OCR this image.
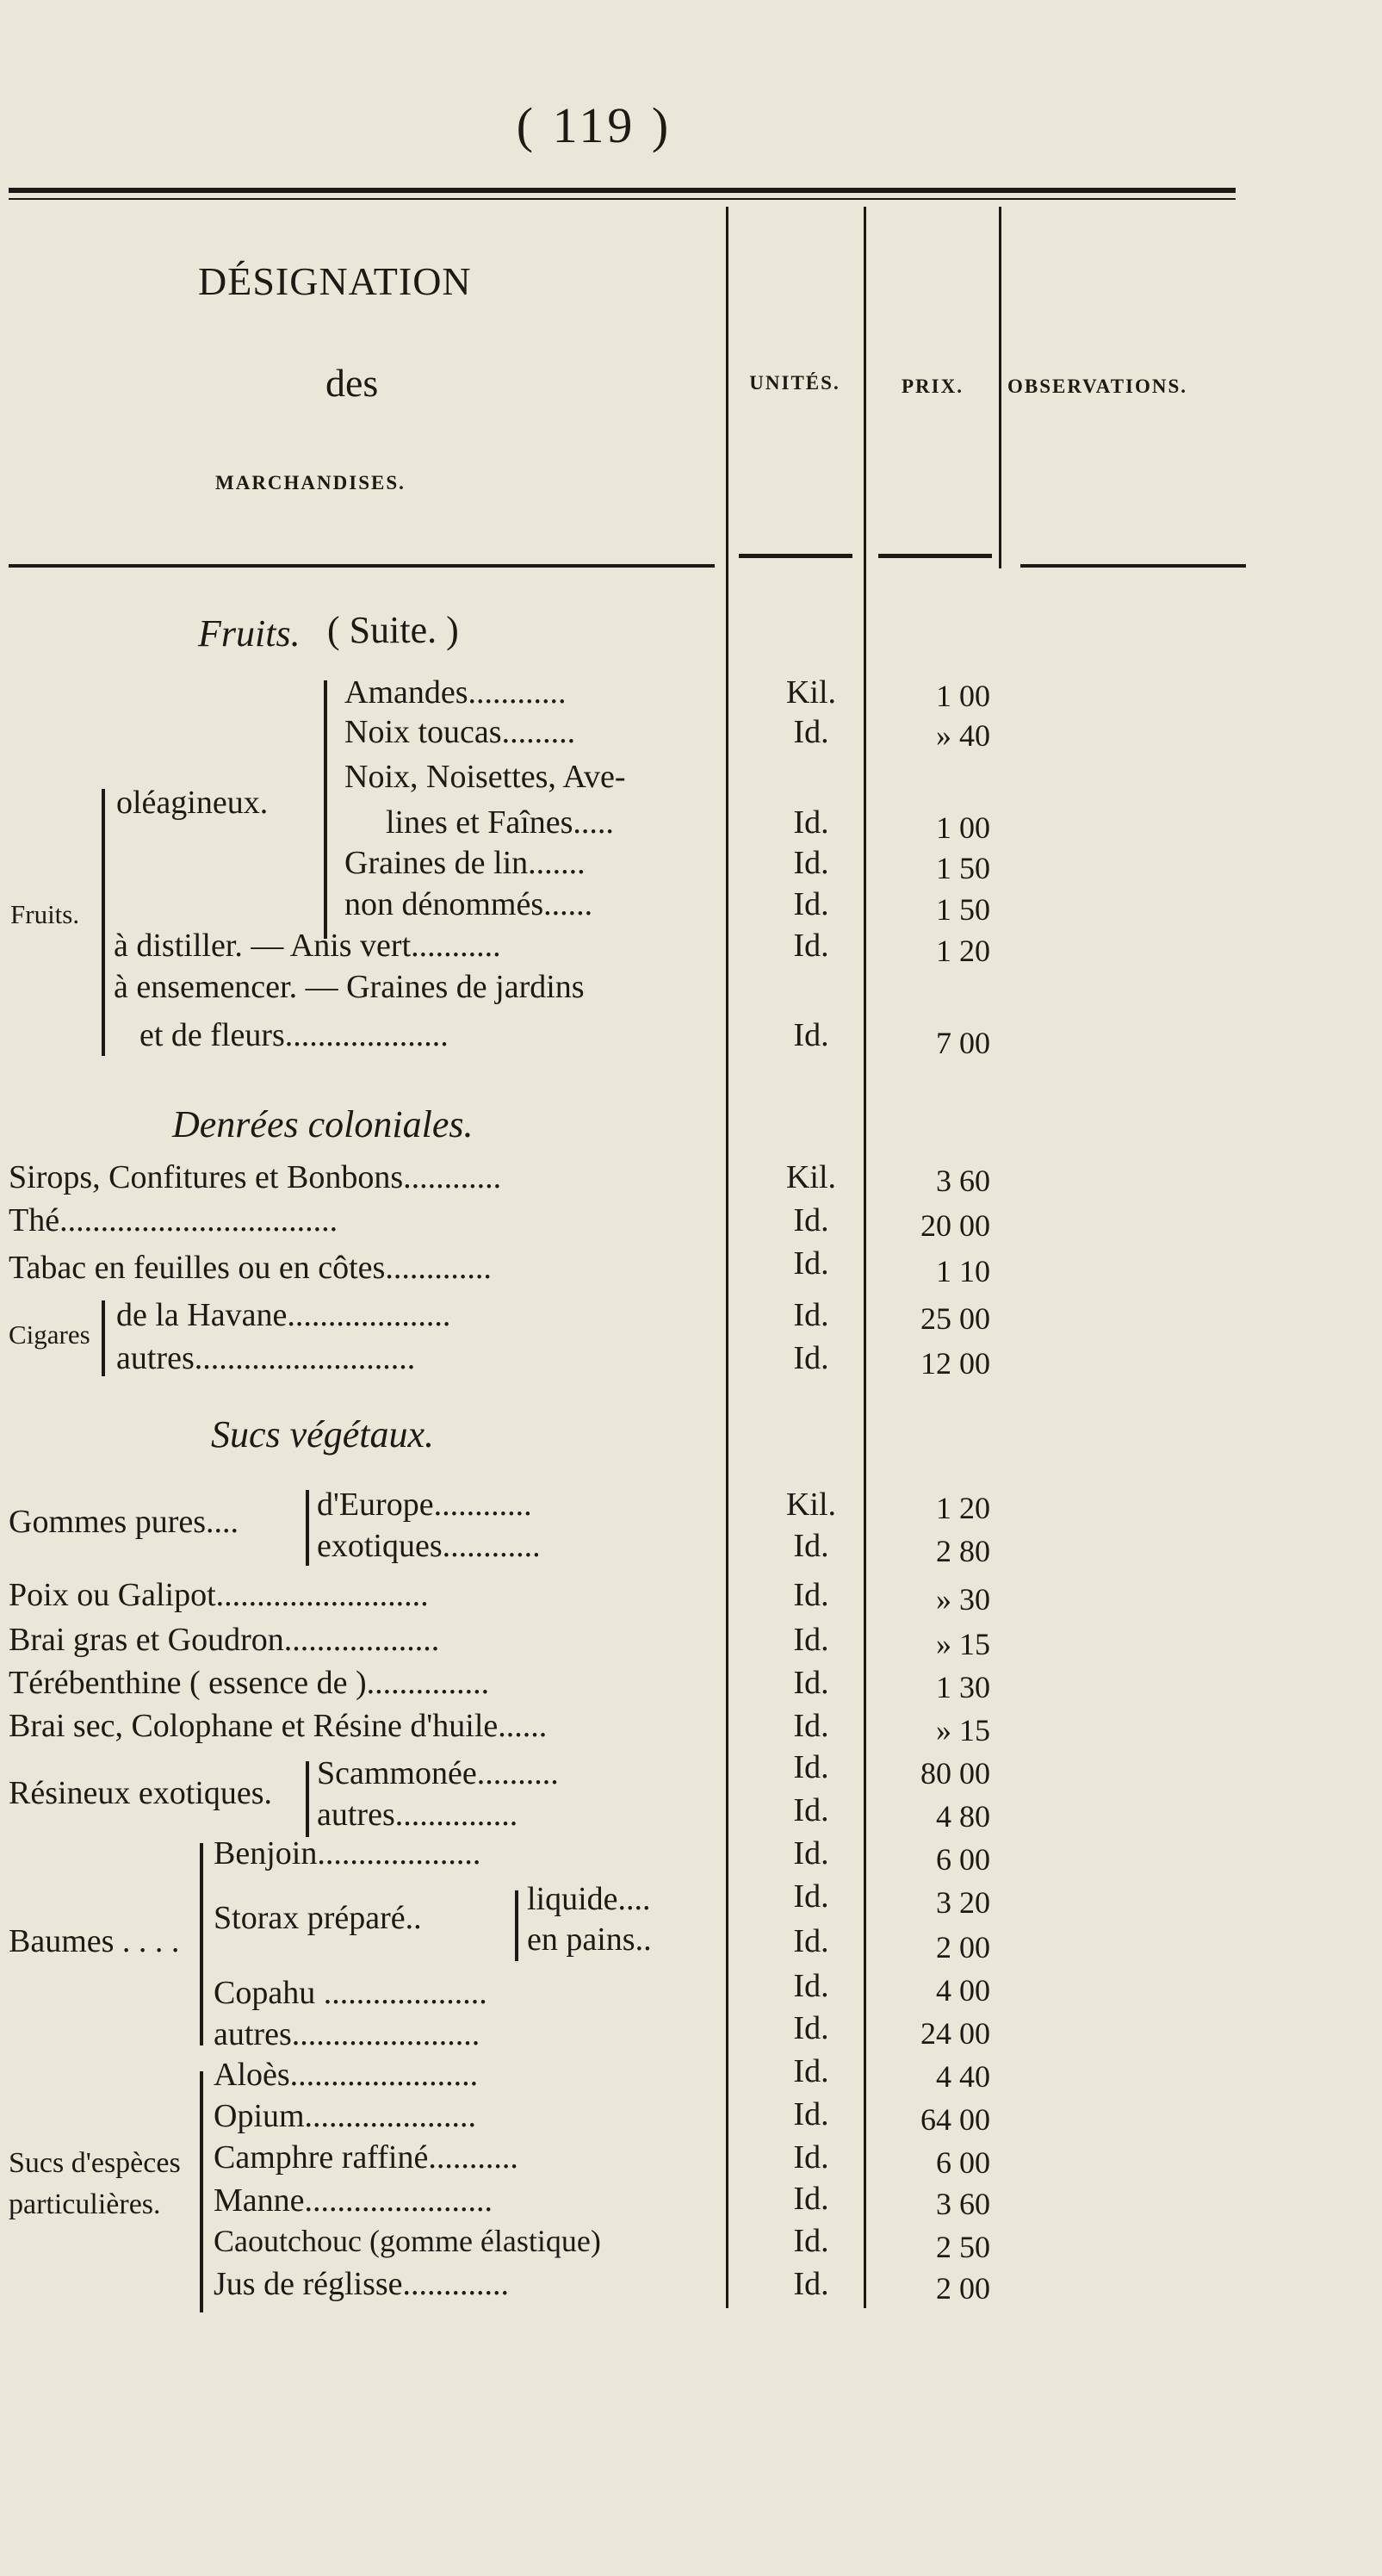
( 119 )
DÉSIGNATION
des
MARCHANDISES.
UNITÉS.	PRIX.	OBSERVATIONS.
Fruits. ( Suite. )
Fruits.
oléagineux.
Amandes............	Kil.	1 00
Noix toucas.........	Id.	» 40
Noix, Noisettes, Ave-
lines et Faînes.....	Id.	1 00
Graines de lin.......	Id.	1 50
non dénommés......	Id.	1 50
à distiller. — Anis vert...........	Id.	1 20
à ensemencer. — Graines de jardins
et de fleurs....................	Id.	7 00
Denrées coloniales.
Sirops, Confitures et Bonbons............	Kil.	3 60
Thé..................................	Id.	20 00
Tabac en feuilles ou en côtes.............	Id.	1 10
Cigares
de la Havane....................	Id.	25 00
autres...........................	Id.	12 00
Sucs végétaux.
Gommes pures.... d'Europe............	Kil.	1 20
exotiques............	Id.	2 80
Poix ou Galipot..........................	Id.	» 30
Brai gras et Goudron...................	Id.	» 15
Térébenthine ( essence de )...............	Id.	1 30
Brai sec, Colophane et Résine d'huile......	Id.	» 15
Résineux exotiques.
Scammonée..........	Id.	80 00
autres...............	Id.	4 80
Baumes . . . .
Benjoin....................	Id.	6 00
Storax préparé..
liquide....	Id.	3 20
en pains..	Id.	2 00
Copahu ....................	Id.	4 00
autres.......................	Id.	24 00
Sucs d'espèces
particulières.
Aloès.......................	Id.	4 40
Opium.....................	Id.	64 00
Camphre raffiné...........	Id.	6 00
Manne.......................	Id.	3 60
Caoutchouc (gomme élastique)	Id.	2 50
Jus de réglisse.............	Id.	2 00
